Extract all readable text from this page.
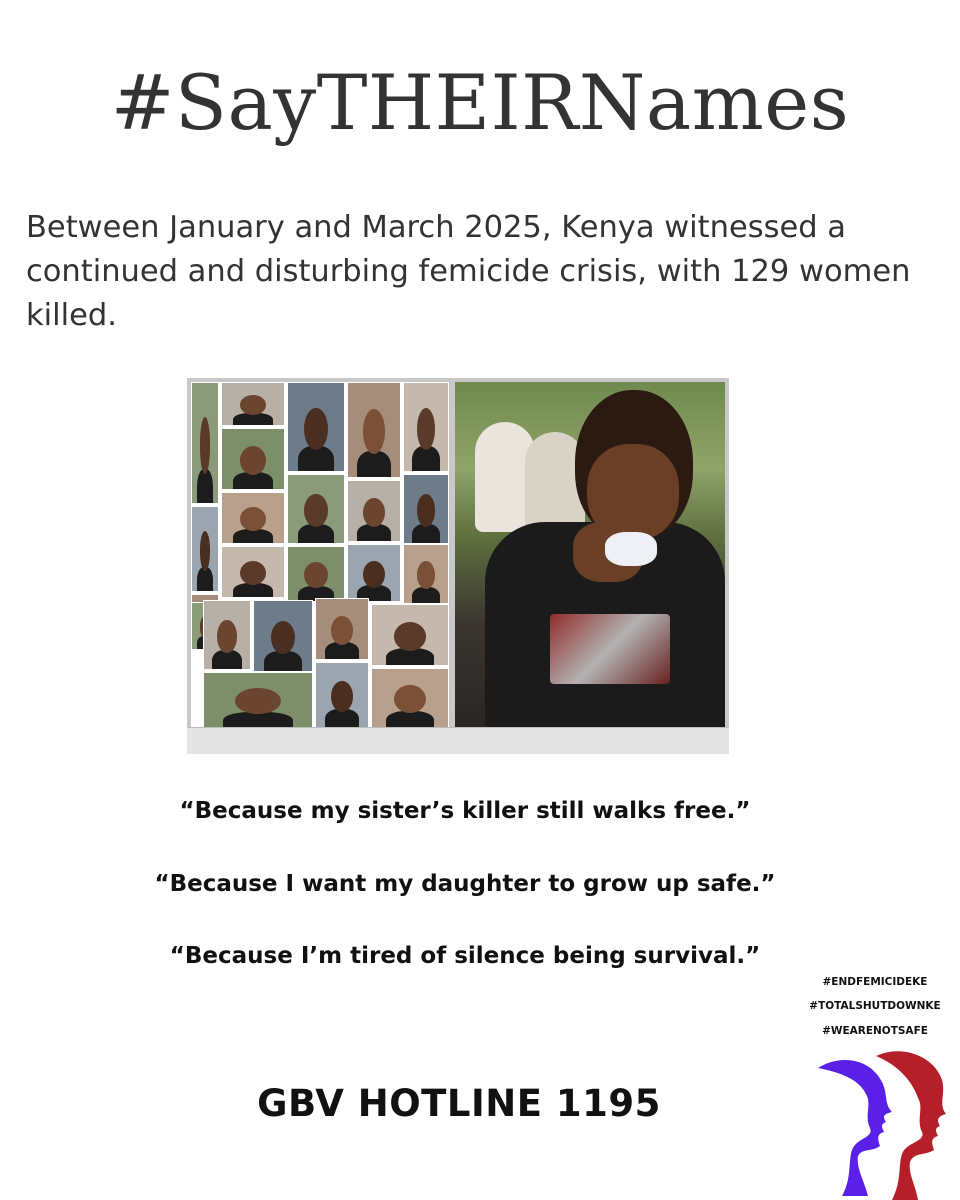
#SayTHEIRNames

Between January and March 2025, Kenya witnessed a continued and disturbing femicide crisis, with 129 women killed.

“Because my sister’s killer still walks free.”

“Because I want my daughter to grow up safe.”

“Because I’m tired of silence being survival.”

#ENDFEMICIDEKE

#TOTALSHUTDOWNKE

#WEARENOTSAFE

GBV HOTLINE 1195
